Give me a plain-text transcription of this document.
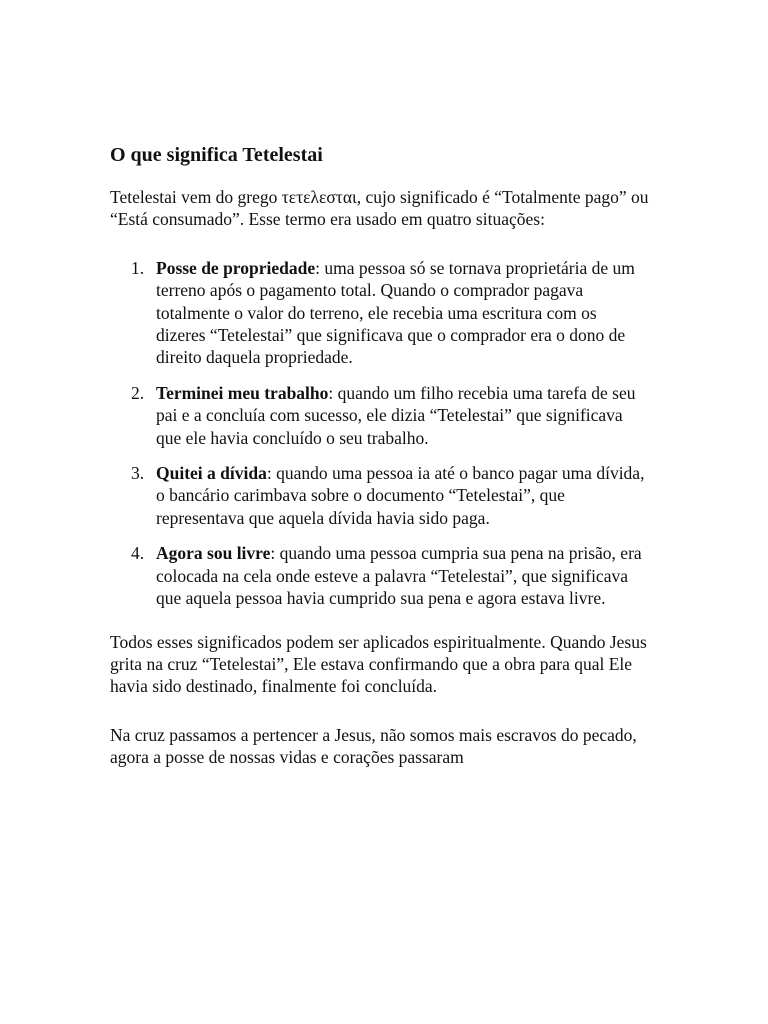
O que significa Tetelestai

Tetelestai vem do grego τετελεσται, cujo significado é “Totalmente pago” ou “Está consumado”. Esse termo era usado em quatro situações:

1. Posse de propriedade: uma pessoa só se tornava proprietária de um terreno após o pagamento total. Quando o comprador pagava totalmente o valor do terreno, ele recebia uma escritura com os dizeres “Tetelestai” que significava que o comprador era o dono de direito daquela propriedade.
2. Terminei meu trabalho: quando um filho recebia uma tarefa de seu pai e a concluía com sucesso, ele dizia “Tetelestai” que significava que ele havia concluído o seu trabalho.
3. Quitei a dívida: quando uma pessoa ia até o banco pagar uma dívida, o bancário carimbava sobre o documento “Tetelestai”, que representava que aquela dívida havia sido paga.
4. Agora sou livre: quando uma pessoa cumpria sua pena na prisão, era colocada na cela onde esteve a palavra “Tetelestai”, que significava que aquela pessoa havia cumprido sua pena e agora estava livre.

Todos esses significados podem ser aplicados espiritualmente. Quando Jesus grita na cruz “Tetelestai”, Ele estava confirmando que a obra para qual Ele havia sido destinado, finalmente foi concluída.

Na cruz passamos a pertencer a Jesus, não somos mais escravos do pecado, agora a posse de nossas vidas e corações passaram
